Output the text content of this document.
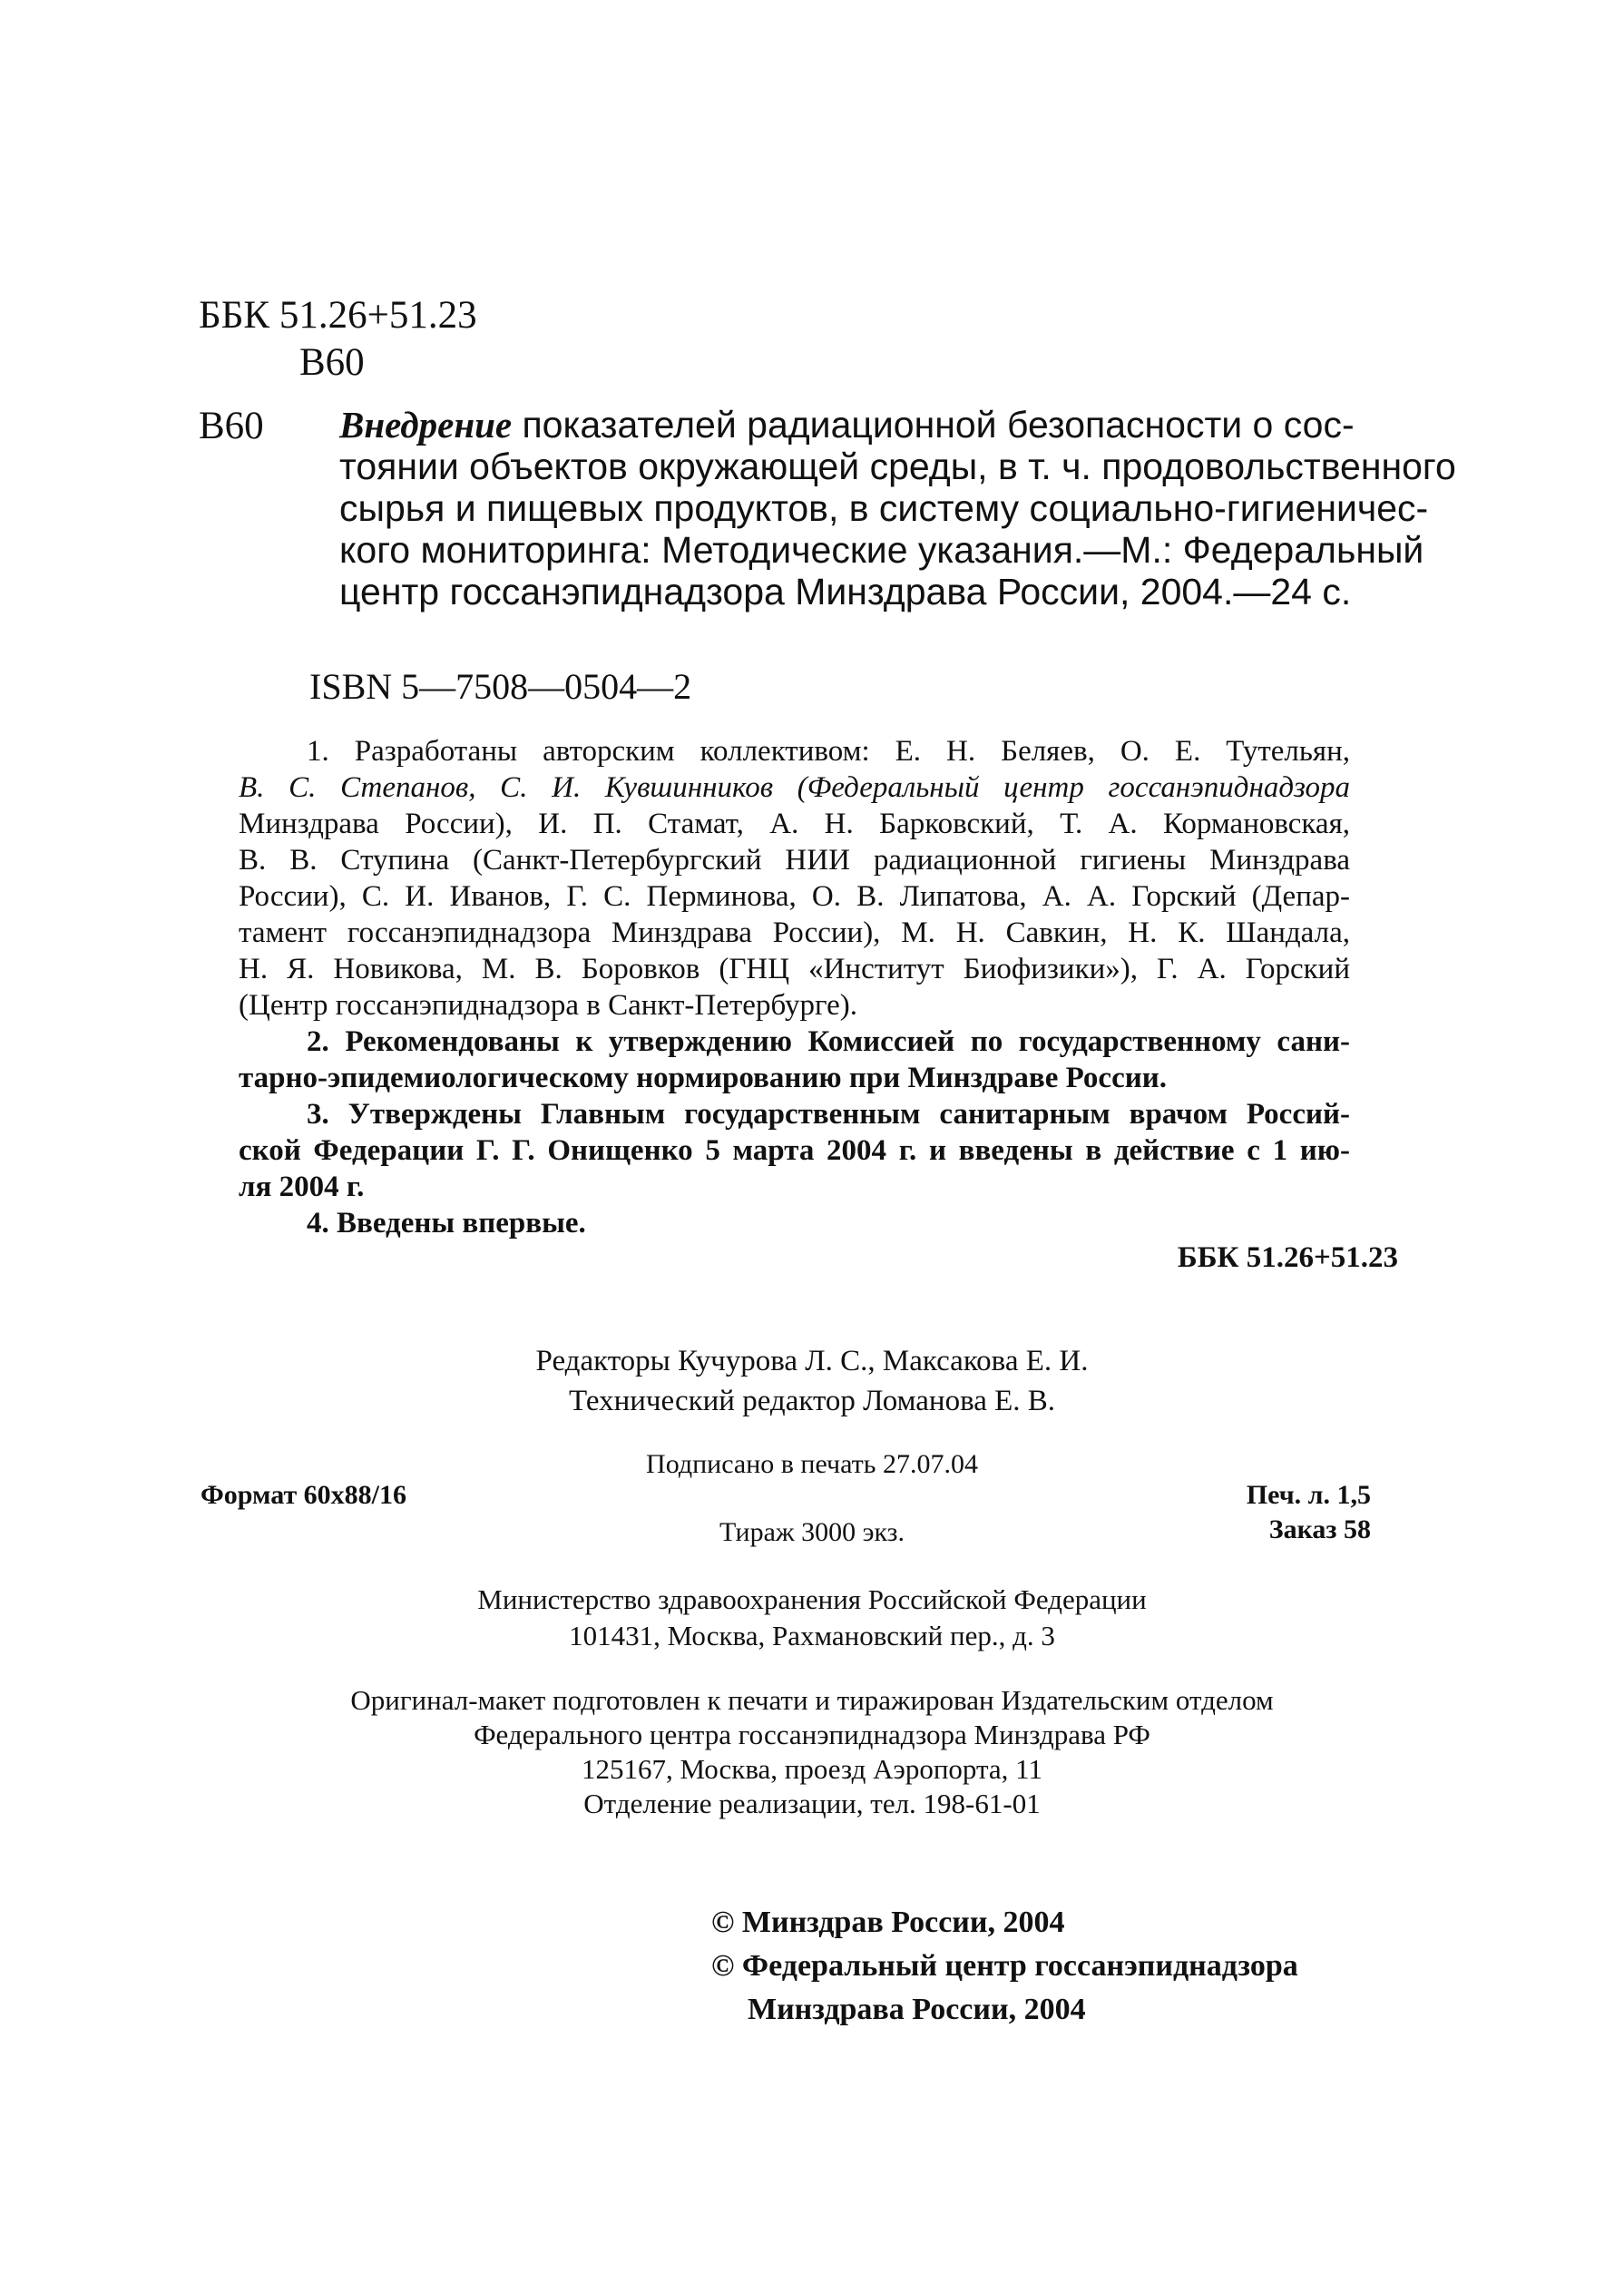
ББК 51.26+51.23
В60
В60 Внедрение показателей радиационной безопасности о сос-
тоянии объектов окружающей среды, в т. ч. продовольственного
сырья и пищевых продуктов, в систему социально-гигиеничес-
кого мониторинга: Методические указания.—М.: Федеральный
центр госсанэпиднадзора Минздрава России, 2004.—24 с.
ISBN 5—7508—0504—2
1. Разработаны авторским коллективом: Е. Н. Беляев, О. Е. Тутельян,
В. С. Степанов, С. И. Кувшинников (Федеральный центр госсанэпиднадзора
Минздрава России), И. П. Стамат, А. Н. Барковский, Т. А. Кормановская,
В. В. Ступина (Санкт-Петербургский НИИ радиационной гигиены Минздрава
России), С. И. Иванов, Г. С. Перминова, О. В. Липатова, А. А. Горский (Депар-
тамент госсанэпиднадзора Минздрава России), М. Н. Савкин, Н. К. Шандала,
Н. Я. Новикова, М. В. Боровков (ГНЦ «Институт Биофизики»), Г. А. Горский
(Центр госсанэпиднадзора в Санкт-Петербурге).
2. Рекомендованы к утверждению Комиссией по государственному сани-
тарно-эпидемиологическому нормированию при Минздраве России.
3. Утверждены Главным государственным санитарным врачом Россий-
ской Федерации Г. Г. Онищенко 5 марта 2004 г. и введены в действие с 1 ию-
ля 2004 г.
4. Введены впервые.
ББК 51.26+51.23
Редакторы Кучурова Л. С., Максакова Е. И.
Технический редактор Ломанова Е. В.
Подписано в печать 27.07.04
Формат 60х88/16	Печ. л. 1,5
Тираж 3000 экз.	Заказ 58
Министерство здравоохранения Российской Федерации
101431, Москва, Рахмановский пер., д. 3
Оригинал-макет подготовлен к печати и тиражирован Издательским отделом
Федерального центра госсанэпиднадзора Минздрава РФ
125167, Москва, проезд Аэропорта, 11
Отделение реализации, тел. 198-61-01
© Минздрав России, 2004
© Федеральный центр госсанэпиднадзора
Минздрава России, 2004
